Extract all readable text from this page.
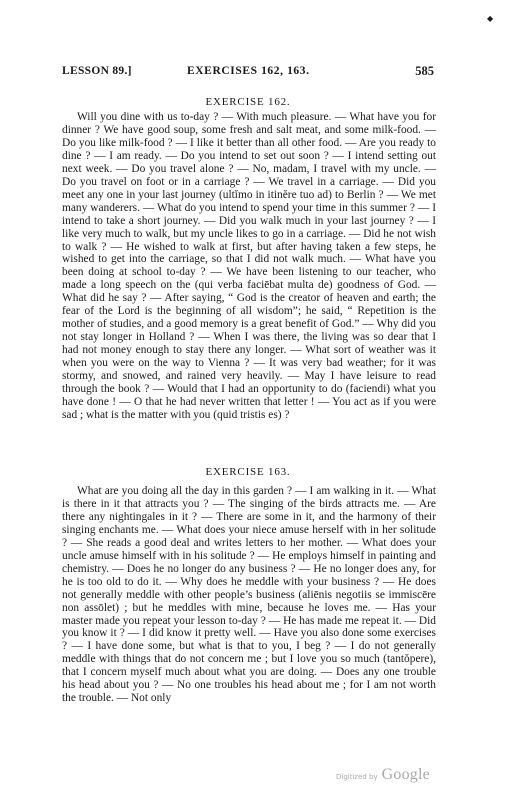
◆
LESSON 89.]	EXERCISES 162, 163.	585
EXERCISE 162.

Will you dine with us to-day ? — With much pleasure. — What have you for dinner ? We have good soup, some fresh and salt meat, and some milk-food. — Do you like milk-food ? — I like it better than all other food. — Are you ready to dine ? — I am ready. — Do you intend to set out soon ? — I intend setting out next week. — Do you travel alone ? — No, madam, I travel with my uncle. — Do you travel on foot or in a carriage ? — We travel in a carriage. — Did you meet any one in your last journey (ultĭmo in itinĕre tuo ad) to Berlin ? — We met many wanderers. — What do you intend to spend your time in this summer ? — I intend to take a short journey. — Did you walk much in your last journey ? — I like very much to walk, but my uncle likes to go in a carriage. — Did he not wish to walk ? — He wished to walk at first, but after having taken a few steps, he wished to get into the carriage, so that I did not walk much. — What have you been doing at school to-day ? — We have been listening to our teacher, who made a long speech on the (qui verba faciēbat multa de) goodness of God. — What did he say ? — After saying, “ God is the creator of heaven and earth; the fear of the Lord is the beginning of all wisdom”; he said, “ Repetition is the mother of studies, and a good memory is a great benefit of God.” — Why did you not stay longer in Holland ? — When I was there, the living was so dear that I had not money enough to stay there any longer. — What sort of weather was it when you were on the way to Vienna ? — It was very bad weather; for it was stormy, and snowed, and rained very heavily. — May I have leisure to read through the book ? — Would that I had an opportunity to do (faciendi) what you have done ! — O that he had never written that letter ! — You act as if you were sad ; what is the matter with you (quid tristis es) ?

EXERCISE 163.

What are you doing all the day in this garden ? — I am walking in it. — What is there in it that attracts you ? — The singing of the birds attracts me. — Are there any nightingales in it ? — There are some in it, and the harmony of their singing enchants me. — What does your niece amuse herself with in her solitude ? — She reads a good deal and writes letters to her mother. — What does your uncle amuse himself with in his solitude ? — He employs himself in painting and chemistry. — Does he no longer do any business ? — He no longer does any, for he is too old to do it. — Why does he meddle with your business ? — He does not generally meddle with other people’s business (aliēnis negotiis se immiscēre non assōlet) ; but he meddles with mine, because he loves me. — Has your master made you repeat your lesson to-day ? — He has made me repeat it. — Did you know it ? — I did know it pretty well. — Have you also done some exercises ? — I have done some, but what is that to you, I beg ? — I do not generally meddle with things that do not concern me ; but I love you so much (tantŏpere), that I concern myself much about what you are doing. — Does any one trouble his head about you ? — No one troubles his head about me ; for I am not worth the trouble. — Not only

Digitized by Google
